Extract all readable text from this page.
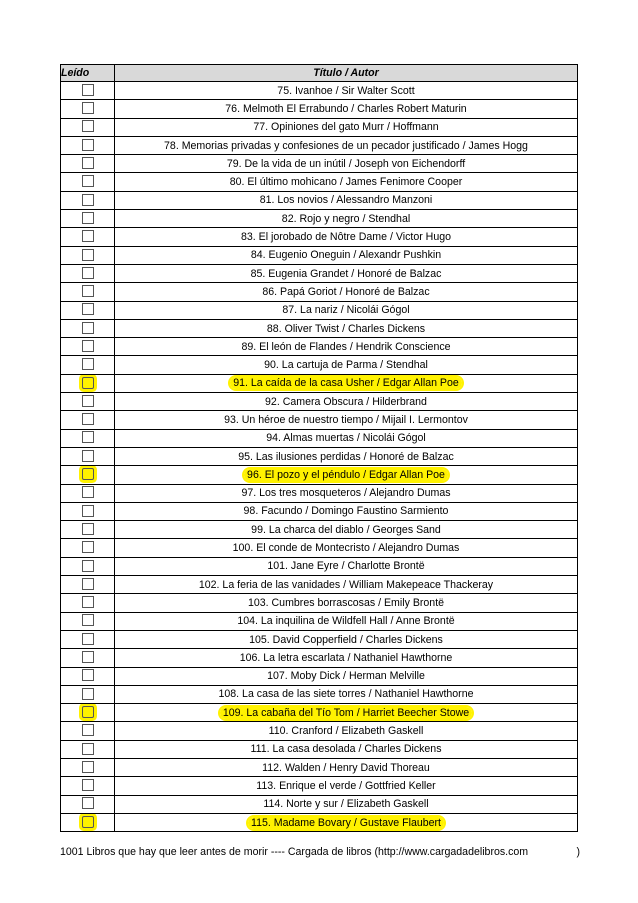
Leído	Título / Autor
	75. Ivanhoe / Sir Walter Scott
	76. Melmoth El Errabundo / Charles Robert Maturin
	77. Opiniones del gato Murr / Hoffmann
	78. Memorias privadas y confesiones de un pecador justificado / James Hogg
	79. De la vida de un inútil / Joseph von Eichendorff
	80. El último mohicano / James Fenimore Cooper
	81. Los novios / Alessandro Manzoni
	82. Rojo y negro / Stendhal
	83. El jorobado de Nôtre Dame / Victor Hugo
	84. Eugenio Oneguin / Alexandr Pushkin
	85. Eugenia Grandet / Honoré de Balzac
	86. Papá Goriot / Honoré de Balzac
	87. La nariz / Nicolái Gógol
	88. Oliver Twist / Charles Dickens
	89. El león de Flandes / Hendrik Conscience
	90. La cartuja de Parma / Stendhal
	91. La caída de la casa Usher / Edgar Allan Poe
	92. Camera Obscura / Hilderbrand
	93. Un héroe de nuestro tiempo / Mijail I. Lermontov
	94. Almas muertas / Nicolái Gógol
	95. Las ilusiones perdidas / Honoré de Balzac
	96. El pozo y el péndulo / Edgar Allan Poe
	97. Los tres mosqueteros / Alejandro Dumas
	98. Facundo / Domingo Faustino Sarmiento
	99. La charca del diablo / Georges Sand
	100. El conde de Montecristo / Alejandro Dumas
	101. Jane Eyre / Charlotte Brontë
	102. La feria de las vanidades / William Makepeace Thackeray
	103. Cumbres borrascosas / Emily Brontë
	104. La inquilina de Wildfell Hall / Anne Brontë
	105. David Copperfield / Charles Dickens
	106. La letra escarlata / Nathaniel Hawthorne
	107. Moby Dick / Herman Melville
	108. La casa de las siete torres / Nathaniel Hawthorne
	109. La cabaña del Tío Tom / Harriet Beecher Stowe
	110. Cranford / Elizabeth Gaskell
	111. La casa desolada / Charles Dickens
	112. Walden / Henry David Thoreau
	113. Enrique el verde / Gottfried Keller
	114. Norte y sur / Elizabeth Gaskell
	115. Madame Bovary / Gustave Flaubert
1001 Libros que hay que leer antes de morir ---- Cargada de libros (http://www.cargadadelibros.com	)
